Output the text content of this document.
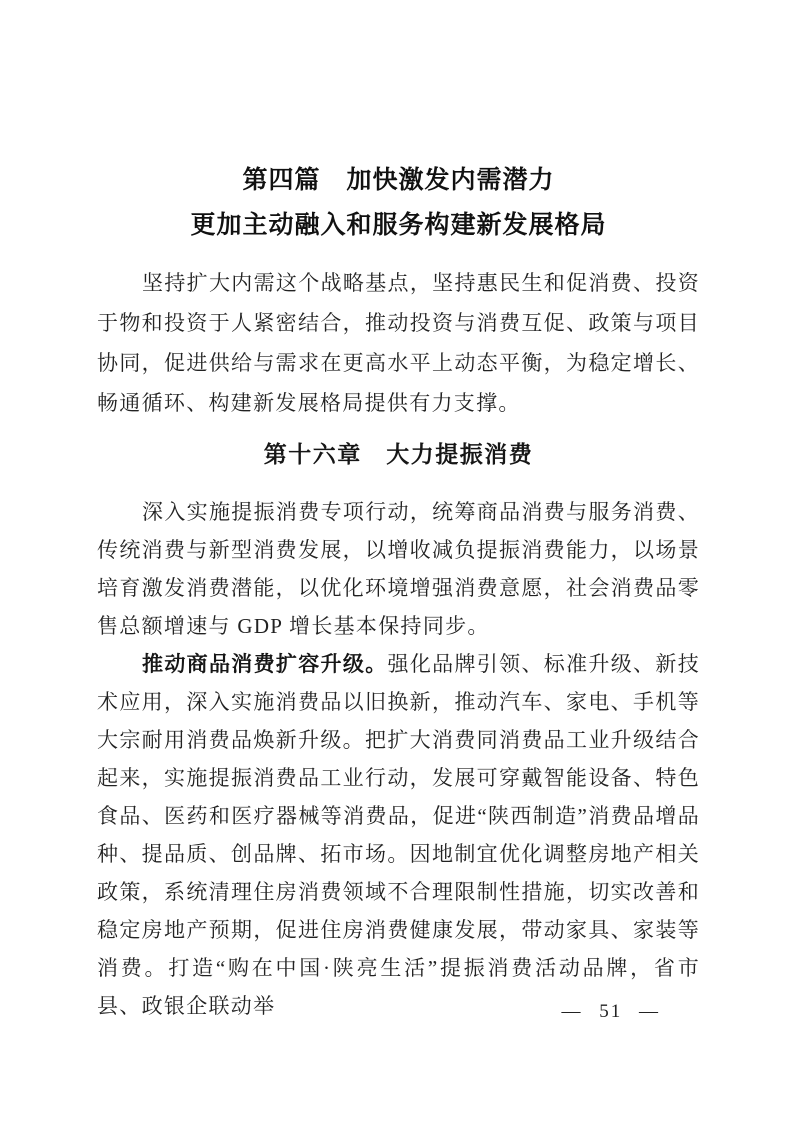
第四篇　加快激发内需潜力
更加主动融入和服务构建新发展格局

坚持扩大内需这个战略基点，坚持惠民生和促消费、投资于物和投资于人紧密结合，推动投资与消费互促、政策与项目协同，促进供给与需求在更高水平上动态平衡，为稳定增长、畅通循环、构建新发展格局提供有力支撑。

第十六章　大力提振消费

深入实施提振消费专项行动，统筹商品消费与服务消费、传统消费与新型消费发展，以增收减负提振消费能力，以场景培育激发消费潜能，以优化环境增强消费意愿，社会消费品零售总额增速与 GDP 增长基本保持同步。

推动商品消费扩容升级。强化品牌引领、标准升级、新技术应用，深入实施消费品以旧换新，推动汽车、家电、手机等大宗耐用消费品焕新升级。把扩大消费同消费品工业升级结合起来，实施提振消费品工业行动，发展可穿戴智能设备、特色食品、医药和医疗器械等消费品，促进“陕西制造”消费品增品种、提品质、创品牌、拓市场。因地制宜优化调整房地产相关政策，系统清理住房消费领域不合理限制性措施，切实改善和稳定房地产预期，促进住房消费健康发展，带动家具、家装等消费。打造“购在中国·陕亮生活”提振消费活动品牌，省市县、政银企联动举	— 51 —
